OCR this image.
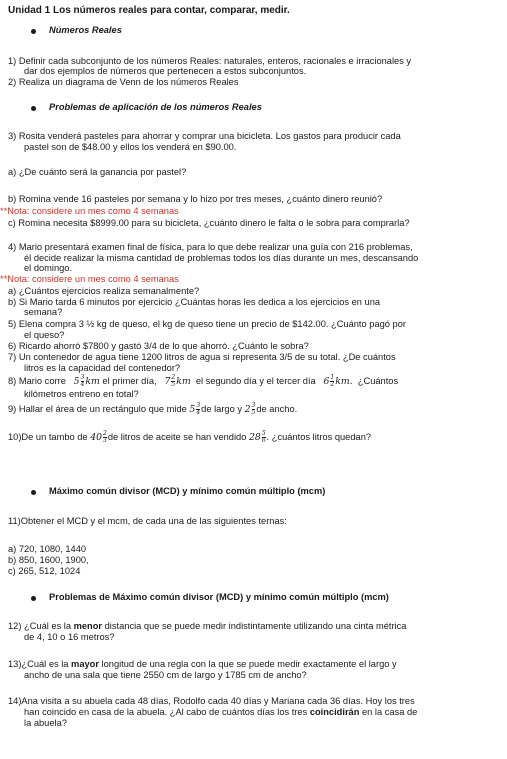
Unidad 1 Los números reales para contar, comparar, medir.
Números Reales
1) Definir cada subconjunto de los números Reales: naturales, enteros, racionales e irracionales y
dar dos ejemplos de números que pertenecen a estos subconjuntos.
2) Realiza un diagrama de Venn de los números Reales
Problemas de aplicación de los números Reales
3) Rosita venderá pasteles para ahorrar y comprar una bicicleta. Los gastos para producir cada
pastel son de $48.00 y ellos los venderá en $90.00.
a) ¿De cuánto será la ganancia por pastel?
b) Romina vende 16 pasteles por semana y lo hizo por tres meses, ¿cuánto dinero reunió?
**Nota: considere un mes como 4 semanas
c) Romina necesita $8999.00 para su bicicleta, ¿cuánto dinero le falta o le sobra para comprarla?
4) Mario presentará examen final de física, para lo que debe realizar una guía con 216 problemas,
él decide realizar la misma cantidad de problemas todos los días durante un mes, descansando
el domingo.
**Nota: considere un mes como 4 semanas
a) ¿Cuántos ejercicios realiza semanalmente?
b) Si Mario tarda 6 minutos por ejercicio ¿Cuántas horas les dedica a los ejercicios en una
semana?
5) Elena compra 3 ½ kg de queso, el kg de queso tiene un precio de $142.00. ¿Cuánto pagó por
el queso?
6) Ricardo ahorró $7800 y gastó 3/4 de lo que ahorró. ¿Cuánto le sobra?
7) Un contenedor de agua tiene 1200 litros de agua si representa 3/5 de su total. ¿De cuántos
litros es la capacidad del contenedor?
8) Mario corre $5 \frac{3}{4}$ km el primer día, $7 \frac{2}{5}$ km el segundo día y el tercer día $6 \frac{1}{2}$ km. ¿Cuántos
kilómetros entreno en total?
9) Hallar el área de un rectángulo que mide $5 \frac{3}{4}$ de largo y $2 \frac{3}{5}$ de ancho.
10)De un tambo de $40 \frac{2}{3}$ de litros de aceite se han vendido $28 \frac{5}{6}$ . ¿cuántos litros quedan?
Máximo común divisor (MCD) y mínimo común múltiplo (mcm)
11)Obtener el MCD y el mcm, de cada una de las siguientes ternas:
a) 720, 1080, 1440
b) 850, 1600, 1900,
c) 265, 512, 1024
Problemas de Máximo común divisor (MCD) y mínimo común múltiplo (mcm)
12) ¿Cuál es la menor distancia que se puede medir indistintamente utilizando una cinta métrica
de 4, 10 o 16 metros?
13)¿Cuál es la mayor longitud de una regla con la que se puede medir exactamente el largo y
ancho de una sala que tiene 2550 cm de largo y 1785 cm de ancho?
14)Ana visita a su abuela cada 48 días, Rodolfo cada 40 días y Mariana cada 36 días. Hoy los tres
han coincido en casa de la abuela. ¿Al cabo de cuántos días los tres coincidirán en la casa de
la abuela?
